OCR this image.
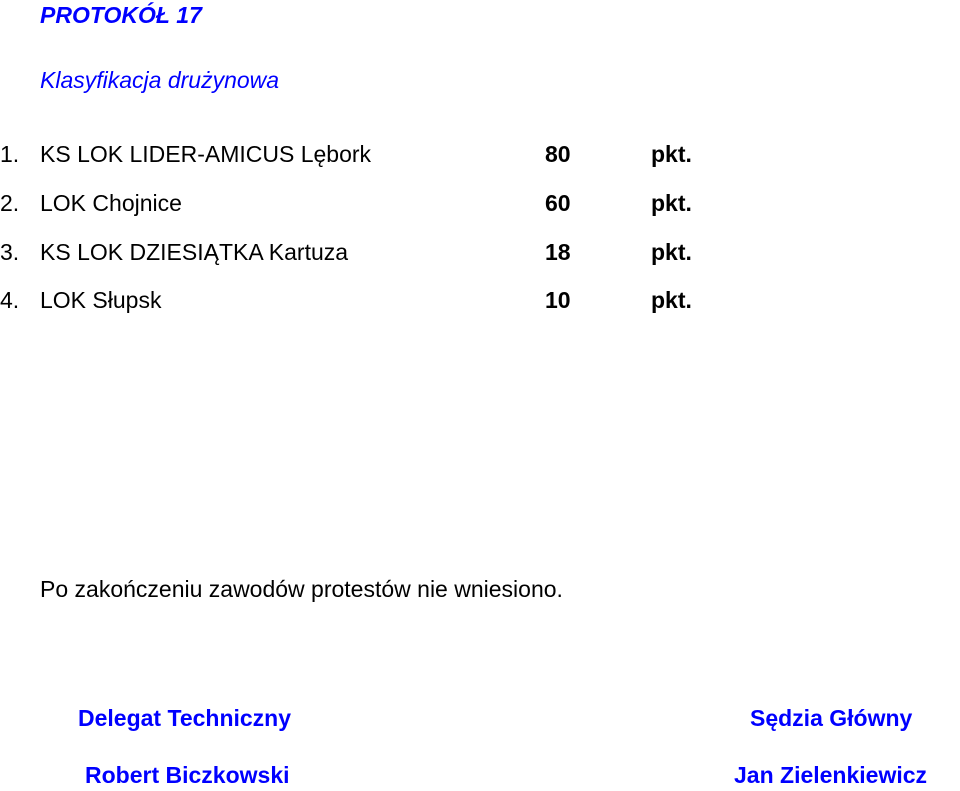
PROTOKÓŁ 17
Klasyfikacja drużynowa
1. KS LOK LIDER-AMICUS Lębork	80	pkt.
2. LOK Chojnice	60	pkt.
3. KS LOK DZIESIĄTKA Kartuza	18	pkt.
4. LOK Słupsk	10	pkt.
Po zakończeniu zawodów protestów nie wniesiono.
Delegat Techniczny
Robert Biczkowski
Sędzia Główny
Jan Zielenkiewicz
